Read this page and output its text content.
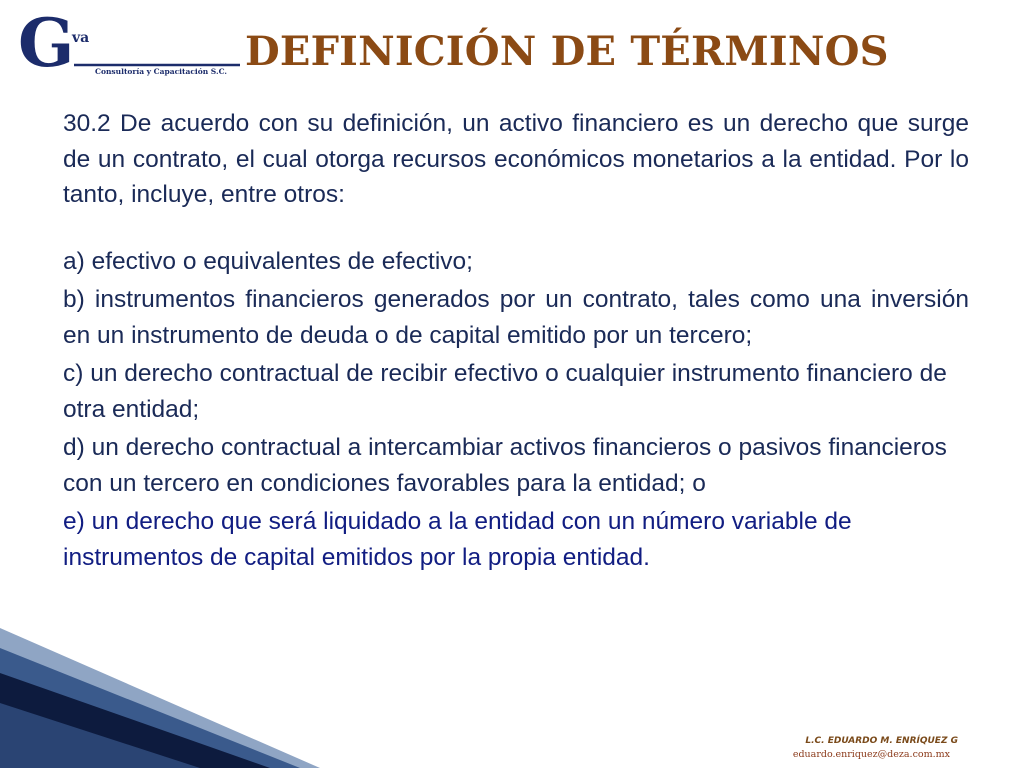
G
va
Consultoría y Capacitación S.C. DEFINICIÓN DE TÉRMINOS

30.2 De acuerdo con su definición, un activo financiero es un derecho que surge de un contrato, el cual otorga recursos económicos monetarios a la entidad. Por lo tanto, incluye, entre otros:

a) efectivo o equivalentes de efectivo;

b) instrumentos financieros generados por un contrato, tales como una inversión en un instrumento de deuda o de capital emitido por un tercero;

c) un derecho contractual de recibir efectivo o cualquier instrumento financiero de otra entidad;

d) un derecho contractual a intercambiar activos financieros o pasivos financieros con un tercero en condiciones favorables para la entidad; o

e) un derecho que será liquidado a la entidad con un número variable de instrumentos de capital emitidos por la propia entidad.

L.C. EDUARDO M. ENRÍQUEZ G
eduardo.enriquez@deza.com.mx
